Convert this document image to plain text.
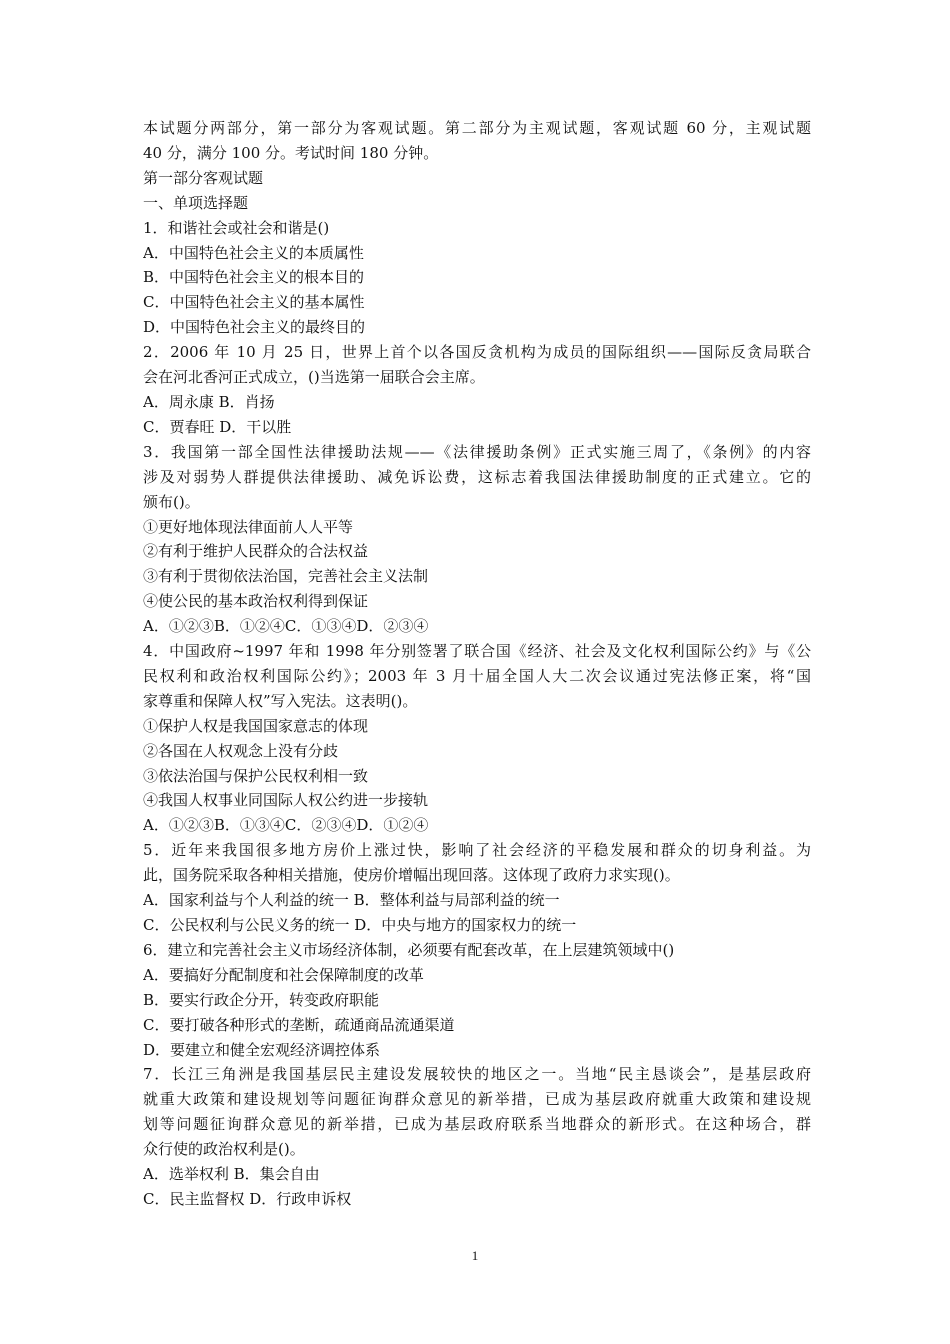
本试题分两部分，第一部分为客观试题。第二部分为主观试题，客观试题 60 分，主观试题

40 分，满分 100 分。考试时间 180 分钟。

第一部分客观试题

一、单项选择题

1．和谐社会或社会和谐是()

A．中国特色社会主义的本质属性

B．中国特色社会主义的根本目的

C．中国特色社会主义的基本属性

D．中国特色社会主义的最终目的

2．2006 年 10 月 25 日，世界上首个以各国反贪机构为成员的国际组织——国际反贪局联合

会在河北香河正式成立，()当选第一届联合会主席。

A．周永康 B．肖扬

C．贾春旺 D．干以胜

3．我国第一部全国性法律援助法规——《法律援助条例》正式实施三周了，《条例》的内容

涉及对弱势人群提供法律援助、减免诉讼费，这标志着我国法律援助制度的正式建立。它的

颁布()。

①更好地体现法律面前人人平等

②有利于维护人民群众的合法权益

③有利于贯彻依法治国，完善社会主义法制

④使公民的基本政治权利得到保证

A．①②③B．①②④C．①③④D．②③④

4．中国政府~1997 年和 1998 年分别签署了联合国《经济、社会及文化权利国际公约》与《公

民权利和政治权利国际公约》；2003 年 3 月十届全国人大二次会议通过宪法修正案，将“国

家尊重和保障人权”写入宪法。这表明()。

①保护人权是我国国家意志的体现

②各国在人权观念上没有分歧

③依法治国与保护公民权利相一致

④我国人权事业同国际人权公约进一步接轨

A．①②③B．①③④C．②③④D．①②④

5．近年来我国很多地方房价上涨过快，影响了社会经济的平稳发展和群众的切身利益。为

此，国务院采取各种相关措施，使房价增幅出现回落。这体现了政府力求实现()。

A．国家利益与个人利益的统一 B．整体利益与局部利益的统一

C．公民权利与公民义务的统一 D．中央与地方的国家权力的统一

6．建立和完善社会主义市场经济体制，必须要有配套改革，在上层建筑领域中()

A．要搞好分配制度和社会保障制度的改革

B．要实行政企分开，转变政府职能

C．要打破各种形式的垄断，疏通商品流通渠道

D．要建立和健全宏观经济调控体系

7．长江三角洲是我国基层民主建设发展较快的地区之一。当地“民主恳谈会”，是基层政府

就重大政策和建设规划等问题征询群众意见的新举措，已成为基层政府就重大政策和建设规

划等问题征询群众意见的新举措，已成为基层政府联系当地群众的新形式。在这种场合，群

众行使的政治权利是()。

A．选举权利 B．集会自由

C．民主监督权 D．行政申诉权

1
